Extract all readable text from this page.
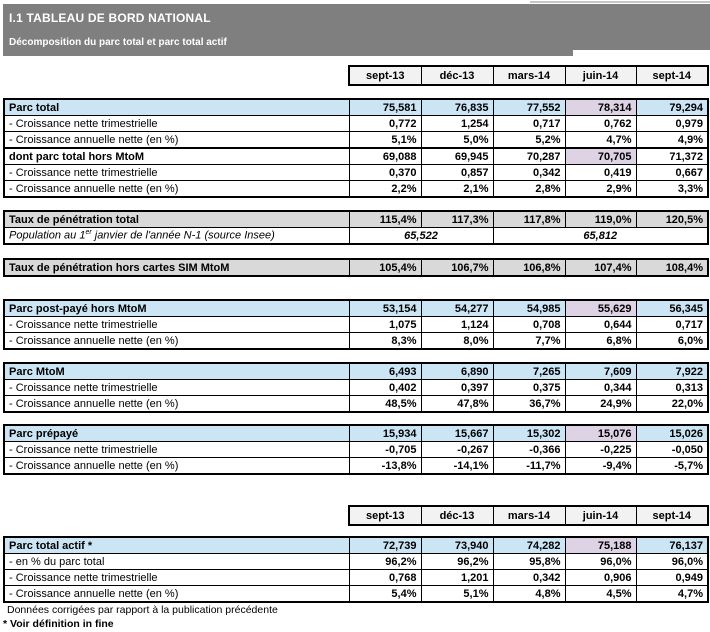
I.1 TABLEAU DE BORD NATIONAL
Décomposition du parc total et parc total actif
sept-13	déc-13	mars-14	juin-14	sept-14
Parc total	75,581	76,835	77,552	78,314	79,294
- Croissance nette trimestrielle	0,772	1,254	0,717	0,762	0,979
- Croissance annuelle nette (en %)	5,1%	5,0%	5,2%	4,7%	4,9%
dont parc total hors MtoM	69,088	69,945	70,287	70,705	71,372
- Croissance nette trimestrielle	0,370	0,857	0,342	0,419	0,667
- Croissance annuelle nette (en %)	2,2%	2,1%	2,8%	2,9%	3,3%
Taux de pénétration total	115,4%	117,3%	117,8%	119,0%	120,5%
Population au 1er janvier de l'année N-1 (source Insee)	65,522		65,812		
Taux de pénétration hors cartes SIM MtoM	105,4%	106,7%	106,8%	107,4%	108,4%
Parc post-payé hors MtoM	53,154	54,277	54,985	55,629	56,345
- Croissance nette trimestrielle	1,075	1,124	0,708	0,644	0,717
- Croissance annuelle nette (en %)	8,3%	8,0%	7,7%	6,8%	6,0%
Parc MtoM	6,493	6,890	7,265	7,609	7,922
- Croissance nette trimestrielle	0,402	0,397	0,375	0,344	0,313
- Croissance annuelle nette (en %)	48,5%	47,8%	36,7%	24,9%	22,0%
Parc prépayé	15,934	15,667	15,302	15,076	15,026
- Croissance nette trimestrielle	-0,705	-0,267	-0,366	-0,225	-0,050
- Croissance annuelle nette (en %)	-13,8%	-14,1%	-11,7%	-9,4%	-5,7%
sept-13	déc-13	mars-14	juin-14	sept-14
Parc total actif *	72,739	73,940	74,282	75,188	76,137
- en % du parc total	96,2%	96,2%	95,8%	96,0%	96,0%
- Croissance nette trimestrielle	0,768	1,201	0,342	0,906	0,949
- Croissance annuelle nette (en %)	5,4%	5,1%	4,8%	4,5%	4,7%
Données corrigées par rapport à la publication précédente
* Voir définition in fine
